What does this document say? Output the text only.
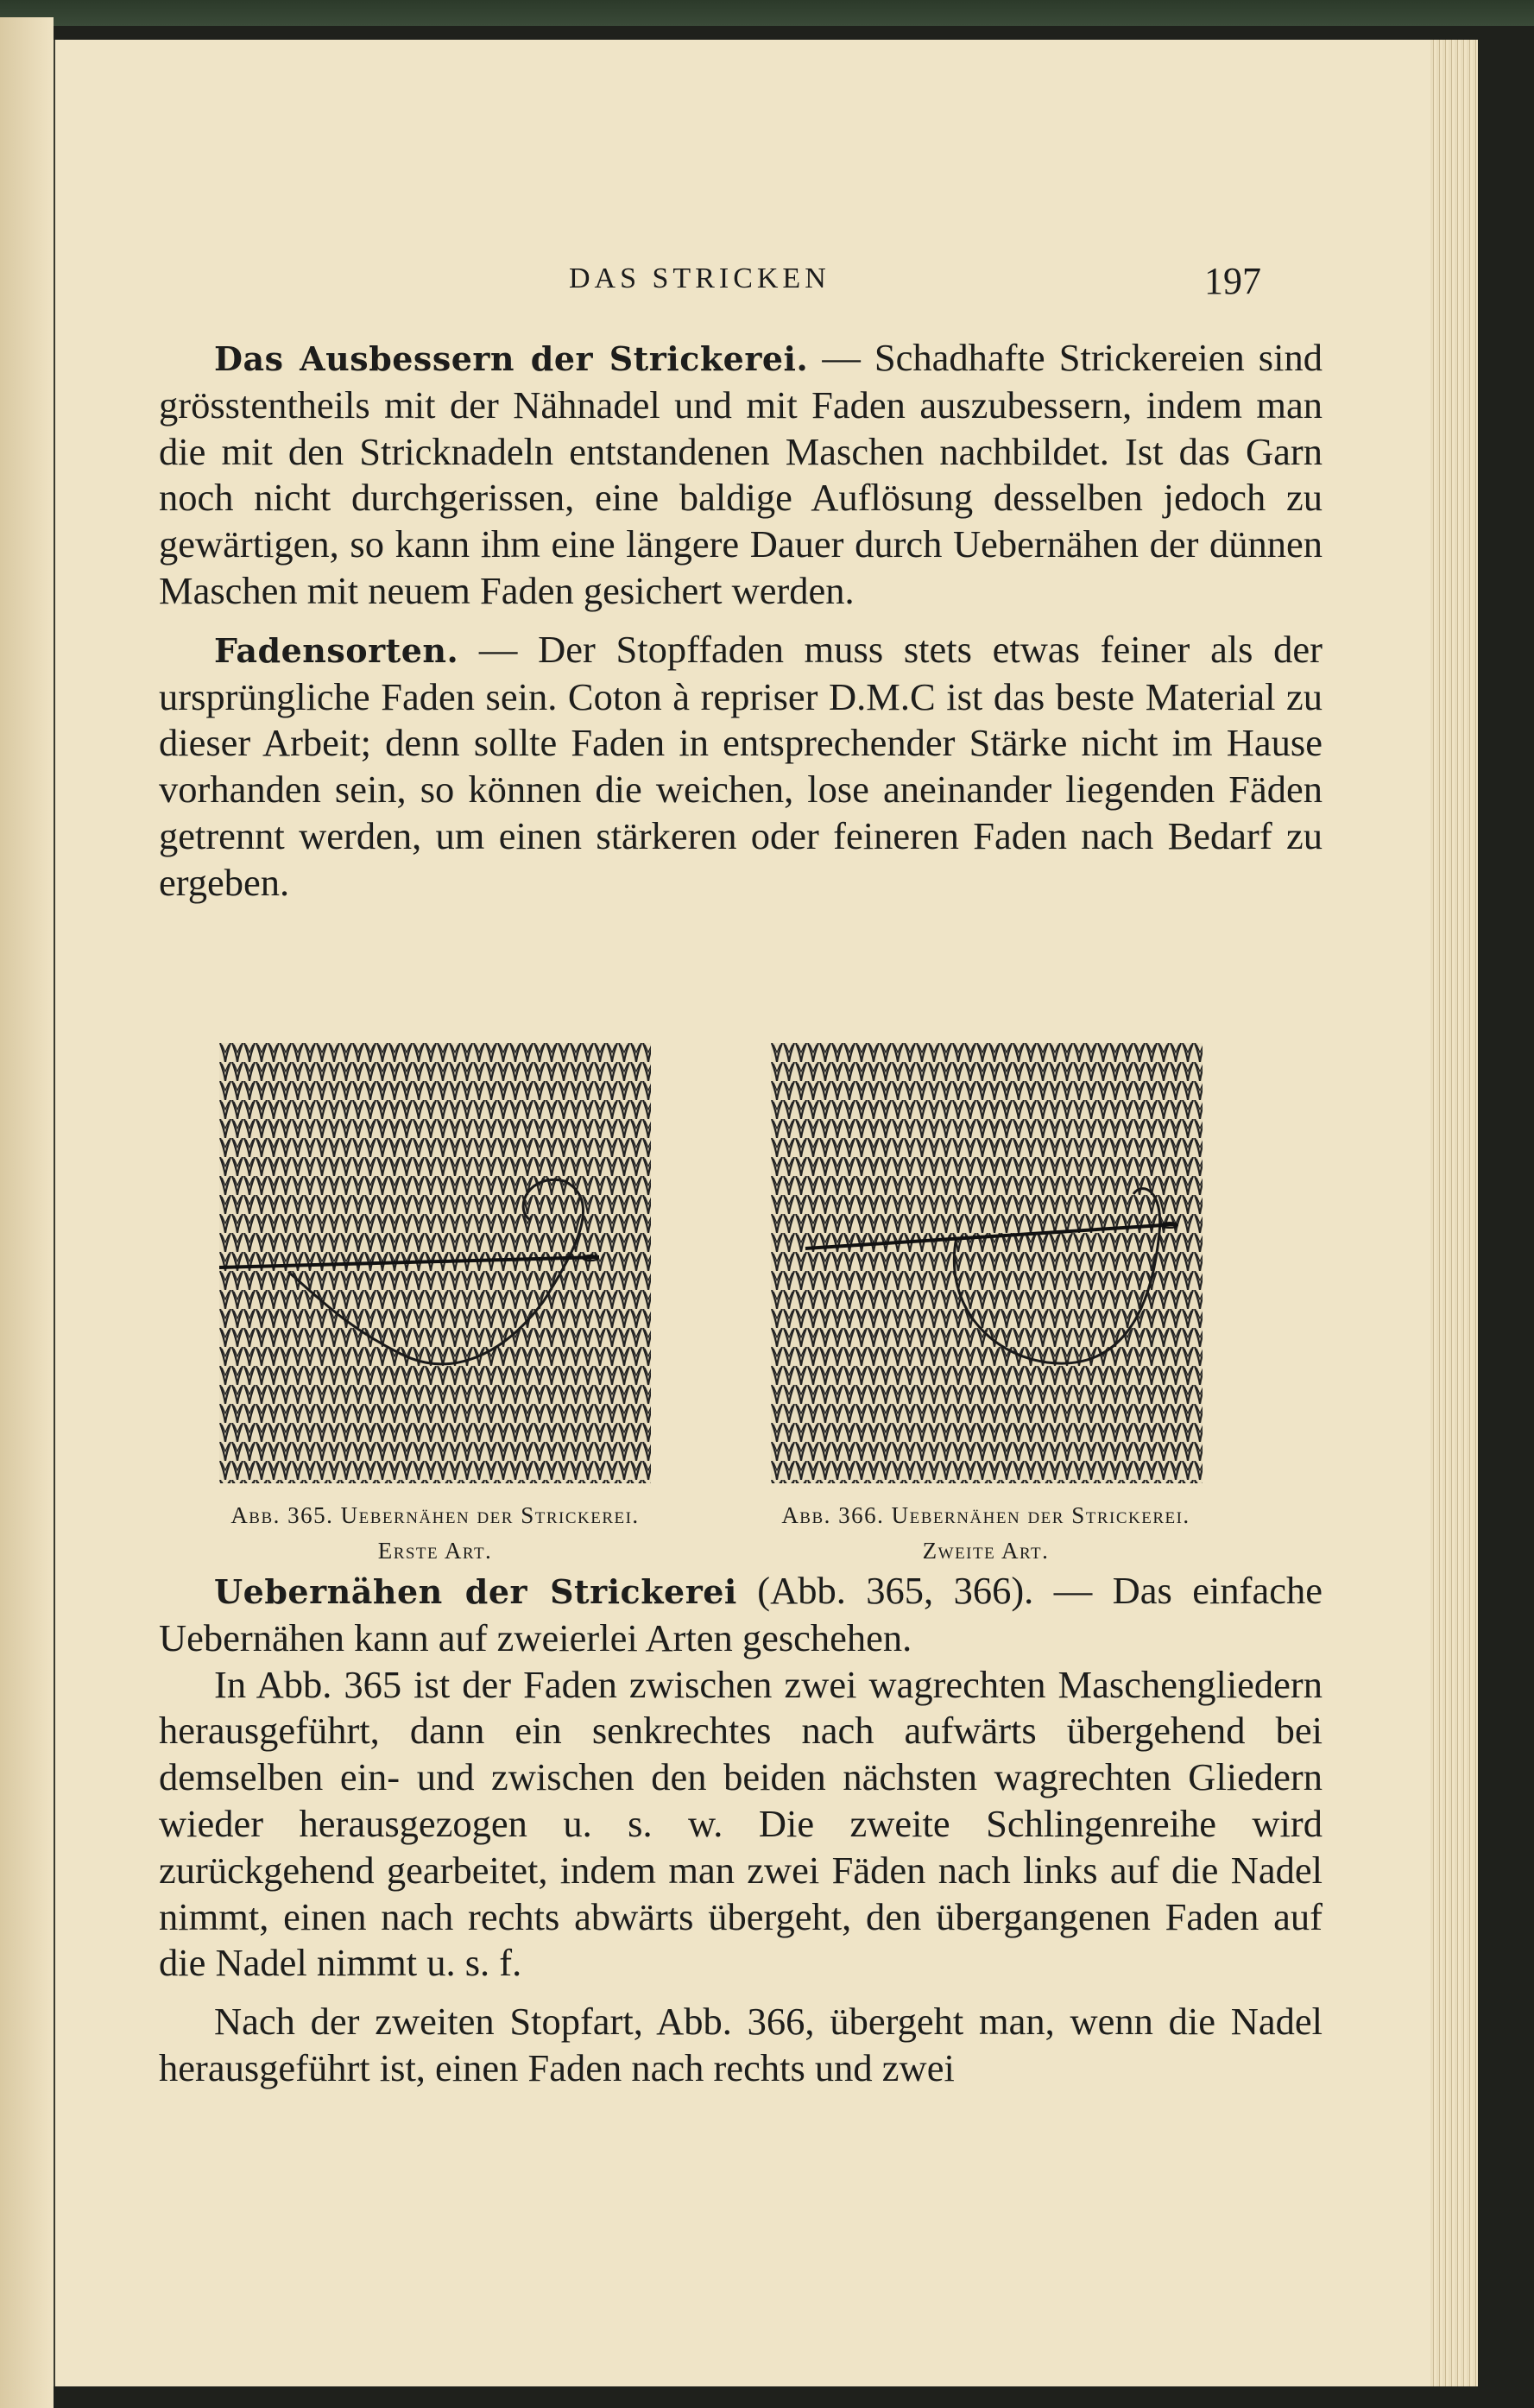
DAS STRICKEN	197

Das Ausbessern der Strickerei. — Schadhafte Strickereien sind grösstentheils mit der Nähnadel und mit Faden auszubessern, indem man die mit den Stricknadeln entstandenen Maschen nachbildet. Ist das Garn noch nicht durchgerissen, eine baldige Auflösung desselben jedoch zu gewärtigen, so kann ihm eine längere Dauer durch Uebernähen der dünnen Maschen mit neuem Faden gesichert werden.

Fadensorten. — Der Stopffaden muss stets etwas feiner als der ursprüngliche Faden sein. Coton à repriser D.M.C ist das beste Material zu dieser Arbeit; denn sollte Faden in entsprechender Stärke nicht im Hause vorhanden sein, so können die weichen, lose aneinander liegenden Fäden getrennt werden, um einen stärkeren oder feineren Faden nach Bedarf zu ergeben.

Abb. 365. Uebernähen der Strickerei.
Erste Art.
Abb. 366. Uebernähen der Strickerei.
Zweite Art.

Uebernähen der Strickerei (Abb. 365, 366). — Das einfache Uebernähen kann auf zweierlei Arten geschehen.

In Abb. 365 ist der Faden zwischen zwei wagrechten Maschengliedern herausgeführt, dann ein senkrechtes nach aufwärts übergehend bei demselben ein- und zwischen den beiden nächsten wagrechten Gliedern wieder herausgezogen u. s. w. Die zweite Schlingenreihe wird zurückgehend gearbeitet, indem man zwei Fäden nach links auf die Nadel nimmt, einen nach rechts abwärts übergeht, den übergangenen Faden auf die Nadel nimmt u. s. f.

Nach der zweiten Stopfart, Abb. 366, übergeht man, wenn die Nadel herausgeführt ist, einen Faden nach rechts und zwei
